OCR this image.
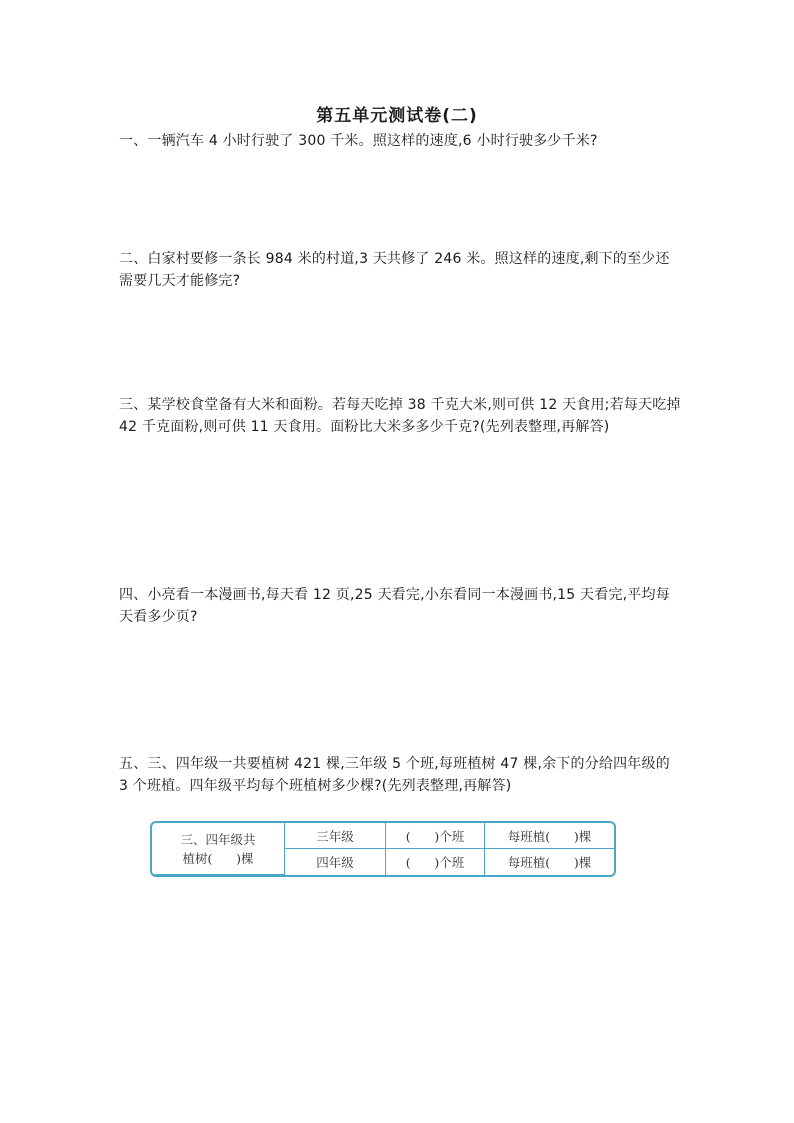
第五单元测试卷(二)
一、一辆汽车 4 小时行驶了 300 千米。照这样的速度,6 小时行驶多少千米?
二、白家村要修一条长 984 米的村道,3 天共修了 246 米。照这样的速度,剩下的至少还需要几天才能修完?
三、某学校食堂备有大米和面粉。若每天吃掉 38 千克大米,则可供 12 天食用;若每天吃掉 42 千克面粉,则可供 11 天食用。面粉比大米多多少千克?(先列表整理,再解答)
四、小亮看一本漫画书,每天看 12 页,25 天看完,小东看同一本漫画书,15 天看完,平均每天看多少页?
五、三、四年级一共要植树 421 棵,三年级 5 个班,每班植树 47 棵,余下的分给四年级的 3 个班植。四年级平均每个班植树多少棵?(先列表整理,再解答)
三、四年级共
植树(      )棵	三年级	(      )个班	每班植(      )棵
	四年级	(      )个班	每班植(      )棵
